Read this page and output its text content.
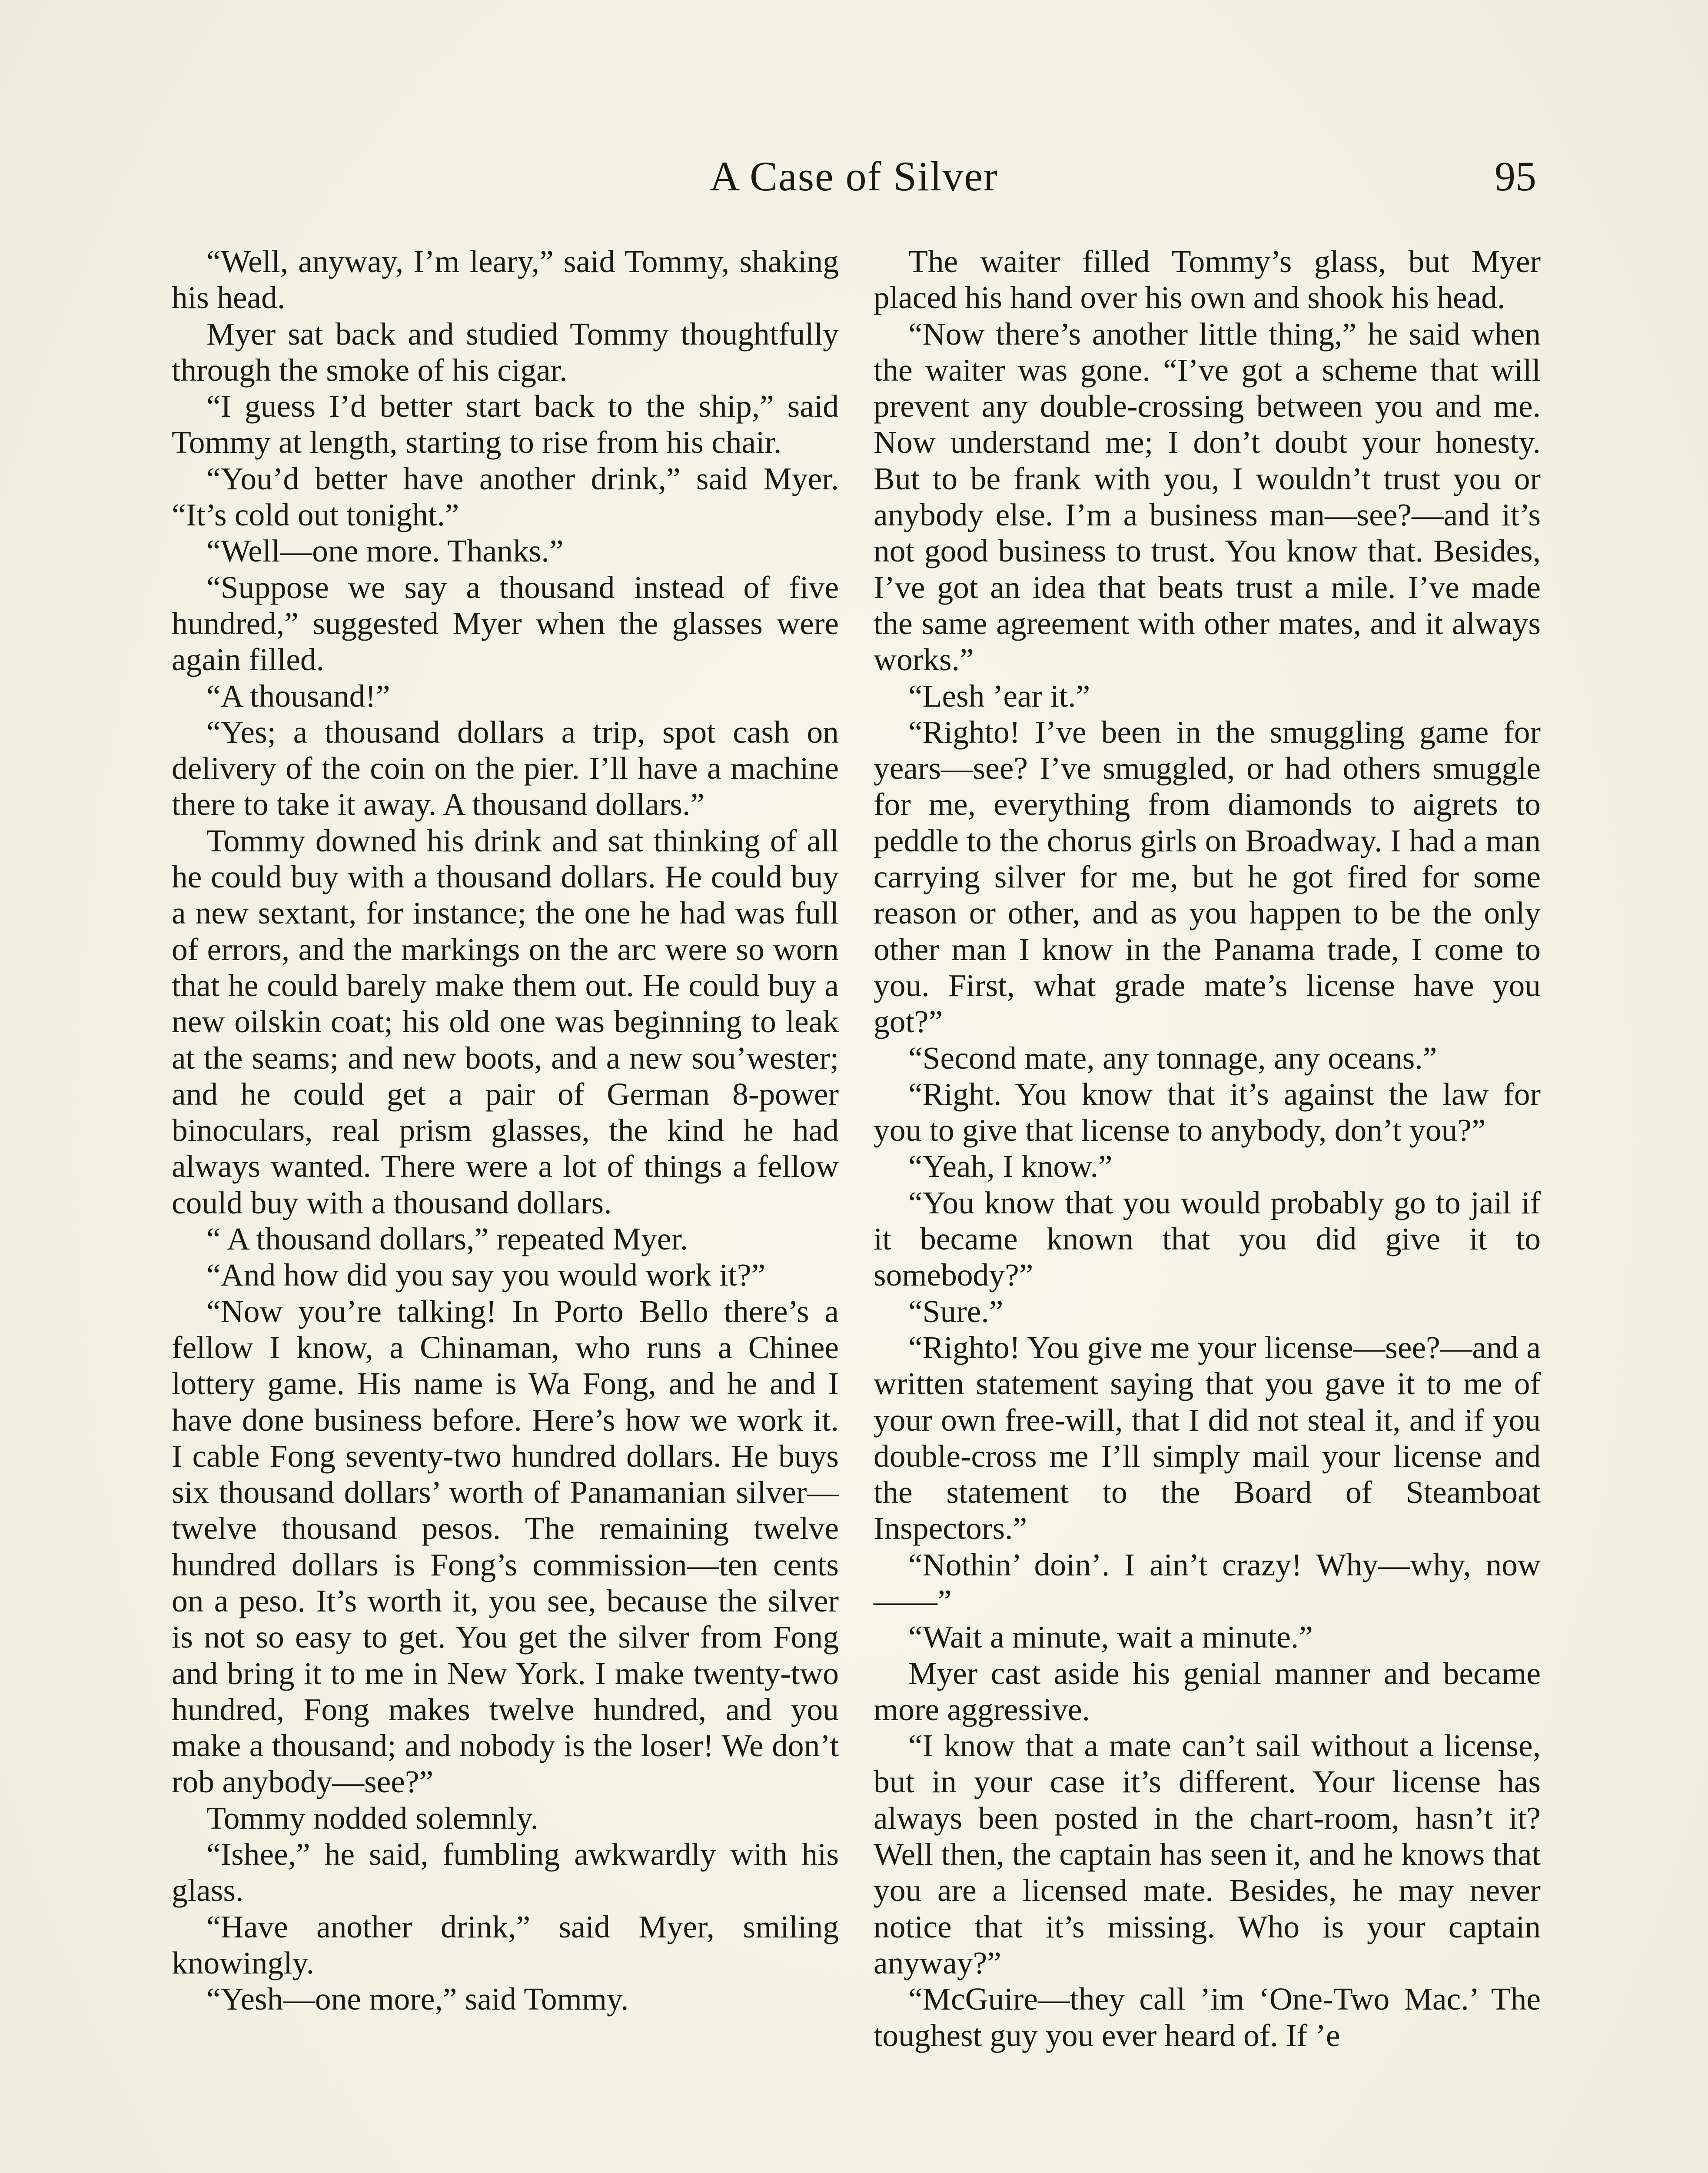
A Case of Silver	95

“Well, anyway, I’m leary,” said Tommy, shaking his head.

Myer sat back and studied Tommy thoughtfully through the smoke of his cigar.

“I guess I’d better start back to the ship,” said Tommy at length, starting to rise from his chair.

“You’d better have another drink,” said Myer. “It’s cold out tonight.”

“Well—one more. Thanks.”

“Suppose we say a thousand instead of five hundred,” suggested Myer when the glasses were again filled.

“A thousand!”

“Yes; a thousand dollars a trip, spot cash on delivery of the coin on the pier. I’ll have a machine there to take it away. A thousand dollars.”

Tommy downed his drink and sat thinking of all he could buy with a thousand dollars. He could buy a new sextant, for instance; the one he had was full of errors, and the markings on the arc were so worn that he could barely make them out. He could buy a new oilskin coat; his old one was beginning to leak at the seams; and new boots, and a new sou’wester; and he could get a pair of German 8-power binoculars, real prism glasses, the kind he had always wanted. There were a lot of things a fellow could buy with a thousand dollars.

“ A thousand dollars,” repeated Myer.

“And how did you say you would work it?”

“Now you’re talking! In Porto Bello there’s a fellow I know, a Chinaman, who runs a Chinee lottery game. His name is Wa Fong, and he and I have done business before. Here’s how we work it. I cable Fong seventy-two hundred dollars. He buys six thousand dollars’ worth of Panamanian silver—twelve thousand pesos. The remaining twelve hundred dollars is Fong’s commission—ten cents on a peso. It’s worth it, you see, because the silver is not so easy to get. You get the silver from Fong and bring it to me in New York. I make twenty-two hundred, Fong makes twelve hundred, and you make a thousand; and nobody is the loser! We don’t rob anybody—see?”

Tommy nodded solemnly.

“Ishee,” he said, fumbling awkwardly with his glass.

“Have another drink,” said Myer, smiling knowingly.

“Yesh—one more,” said Tommy.

The waiter filled Tommy’s glass, but Myer placed his hand over his own and shook his head.

“Now there’s another little thing,” he said when the waiter was gone. “I’ve got a scheme that will prevent any double-crossing between you and me. Now understand me; I don’t doubt your honesty. But to be frank with you, I wouldn’t trust you or anybody else. I’m a business man—see?—and it’s not good business to trust. You know that. Besides, I’ve got an idea that beats trust a mile. I’ve made the same agreement with other mates, and it always works.”

“Lesh ’ear it.”

“Righto! I’ve been in the smuggling game for years—see? I’ve smuggled, or had others smuggle for me, everything from diamonds to aigrets to peddle to the chorus girls on Broadway. I had a man carrying silver for me, but he got fired for some reason or other, and as you happen to be the only other man I know in the Panama trade, I come to you. First, what grade mate’s license have you got?”

“Second mate, any tonnage, any oceans.”

“Right. You know that it’s against the law for you to give that license to anybody, don’t you?”

“Yeah, I know.”

“You know that you would probably go to jail if it became known that you did give it to somebody?”

“Sure.”

“Righto! You give me your license—see?—and a written statement saying that you gave it to me of your own free-will, that I did not steal it, and if you double-cross me I’ll simply mail your license and the statement to the Board of Steamboat Inspectors.”

“Nothin’ doin’. I ain’t crazy! Why—why, now——”

“Wait a minute, wait a minute.”

Myer cast aside his genial manner and became more aggressive.

“I know that a mate can’t sail without a license, but in your case it’s different. Your license has always been posted in the chart-room, hasn’t it? Well then, the captain has seen it, and he knows that you are a licensed mate. Besides, he may never notice that it’s missing. Who is your captain anyway?”

“McGuire—they call ’im ‘One-Two Mac.’ The toughest guy you ever heard of. If ’e
